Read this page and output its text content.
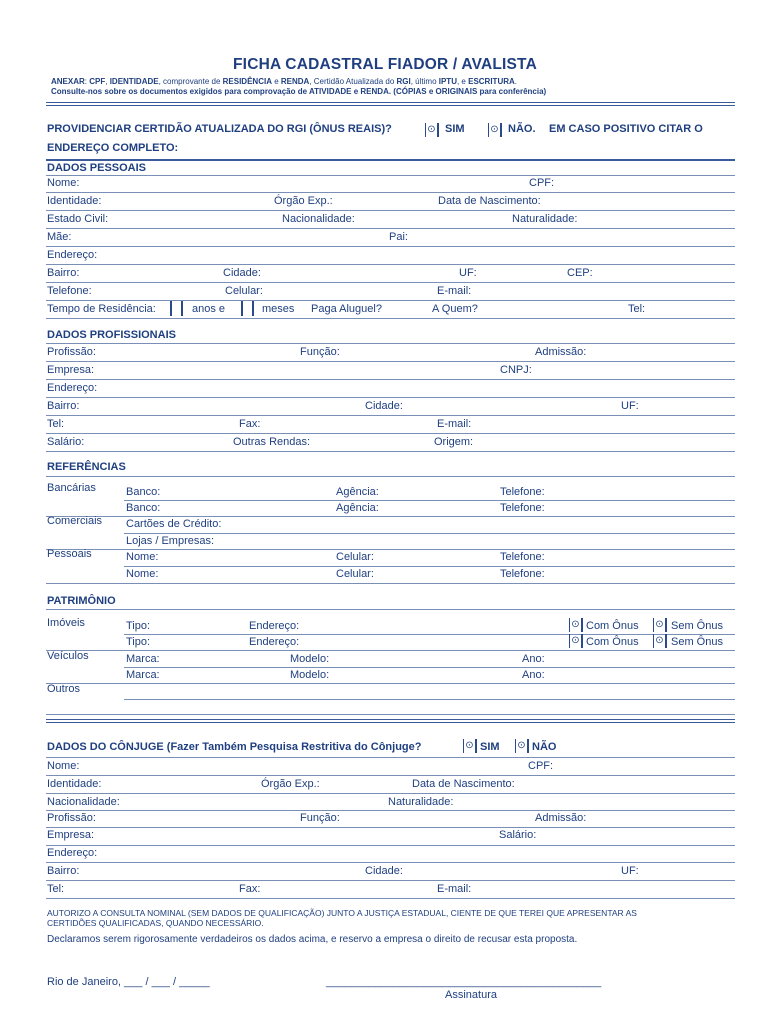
FICHA CADASTRAL FIADOR / AVALISTA
ANEXAR: CPF, IDENTIDADE, comprovante de RESIDÊNCIA e RENDA, Certidão Atualizada do RGI, último IPTU, e ESCRITURA.
Consulte-nos sobre os documentos exigidos para comprovação de ATIVIDADE e RENDA. (CÓPIAS e ORIGINAIS para conferência)
PROVIDENCIAR CERTIDÃO ATUALIZADA DO RGI (ÔNUS REAIS)? ⊙	SIM ⊙	NÃO. EM CASO POSITIVO CITAR O
ENDEREÇO COMPLETO:
DADOS PESSOAIS
Nome:	CPF:
Identidade:	Órgão Exp.:	Data de Nascimento:
Estado Civil:	Nacionalidade:	Naturalidade:
Mãe:	Pai:
Endereço:
Bairro:	Cidade:	UF:	CEP:
Telefone:	Celular:	E-mail:
Tempo de Residência:	anos e	meses Paga Aluguel?	A Quem?	Tel:
DADOS PROFISSIONAIS
Profissão:	Função:	Admissão:
Empresa:	CNPJ:
Endereço:
Bairro:	Cidade:	UF:
Tel:	Fax:	E-mail:
Salário:	Outras Rendas:	Origem:
REFERÊNCIAS
Bancárias	Banco:	Agência:	Telefone:
Banco:	Agência:	Telefone:
Comerciais Cartões de Crédito:
Lojas / Empresas:
Pessoais	Nome:	Celular:	Telefone:
Nome:	Celular:	Telefone:
PATRIMÔNIO
Imóveis	Tipo:	Endereço: ⊙	Com Ônus ⊙	Sem Ônus
Tipo:	Endereço: ⊙	Com Ônus ⊙	Sem Ônus
Veículos	Marca:	Modelo:	Ano:
Marca:	Modelo:	Ano:
Outros
DADOS DO CÔNJUGE (Fazer Também Pesquisa Restritiva do Cônjuge? ⊙	SIM ⊙	NÃO
Nome:	CPF:
Identidade:	Órgão Exp.:	Data de Nascimento:
Nacionalidade:	Naturalidade:
Profissão:	Função:	Admissão:
Empresa:	Salário:
Endereço:
Bairro:	Cidade:	UF:
Tel:	Fax:	E-mail:
AUTORIZO A CONSULTA NOMINAL (SEM DADOS DE QUALIFICAÇÃO) JUNTO A JUSTIÇA ESTADUAL, CIENTE DE QUE TEREI QUE APRESENTAR AS
CERTIDÕES QUALIFICADAS, QUANDO NECESSÁRIO.
Declaramos serem rigorosamente verdadeiros os dados acima, e reservo a empresa o direito de recusar esta proposta.
Rio de Janeiro, ___ / ___ / _____	_____________________________________________
Assinatura
